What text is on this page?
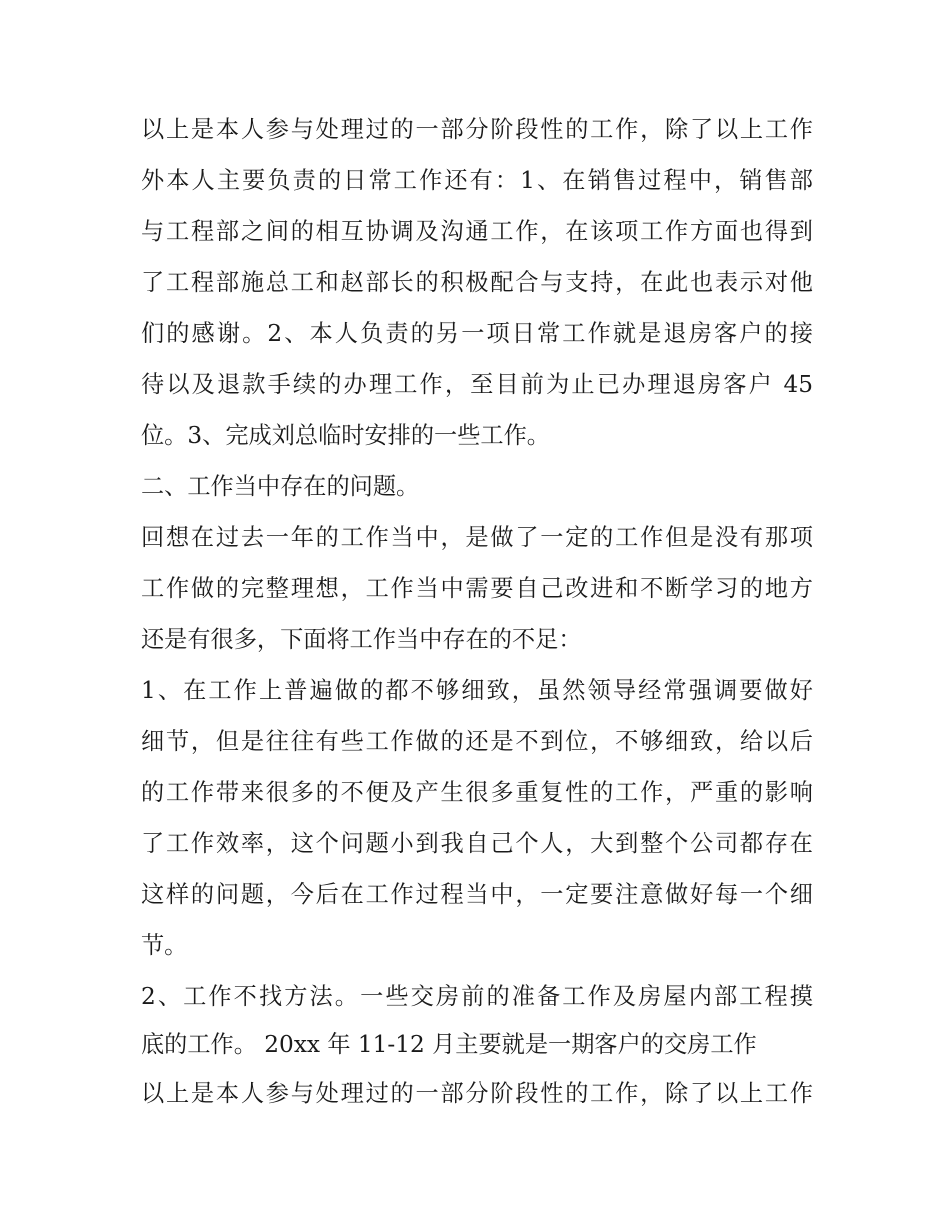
以上是本人参与处理过的一部分阶段性的工作，除了以上工作
外本人主要负责的日常工作还有：1、在销售过程中，销售部
与工程部之间的相互协调及沟通工作，在该项工作方面也得到
了工程部施总工和赵部长的积极配合与支持，在此也表示对他
们的感谢。2、本人负责的另一项日常工作就是退房客户的接
待以及退款手续的办理工作，至目前为止已办理退房客户 45
位。3、完成刘总临时安排的一些工作。
二、工作当中存在的问题。
回想在过去一年的工作当中，是做了一定的工作但是没有那项
工作做的完整理想，工作当中需要自己改进和不断学习的地方
还是有很多，下面将工作当中存在的不足：
1、在工作上普遍做的都不够细致，虽然领导经常强调要做好
细节，但是往往有些工作做的还是不到位，不够细致，给以后
的工作带来很多的不便及产生很多重复性的工作，严重的影响
了工作效率，这个问题小到我自己个人，大到整个公司都存在
这样的问题，今后在工作过程当中，一定要注意做好每一个细
节。
2、工作不找方法。一些交房前的准备工作及房屋内部工程摸
底的工作。 20xx 年 11-12 月主要就是一期客户的交房工作
以上是本人参与处理过的一部分阶段性的工作，除了以上工作
